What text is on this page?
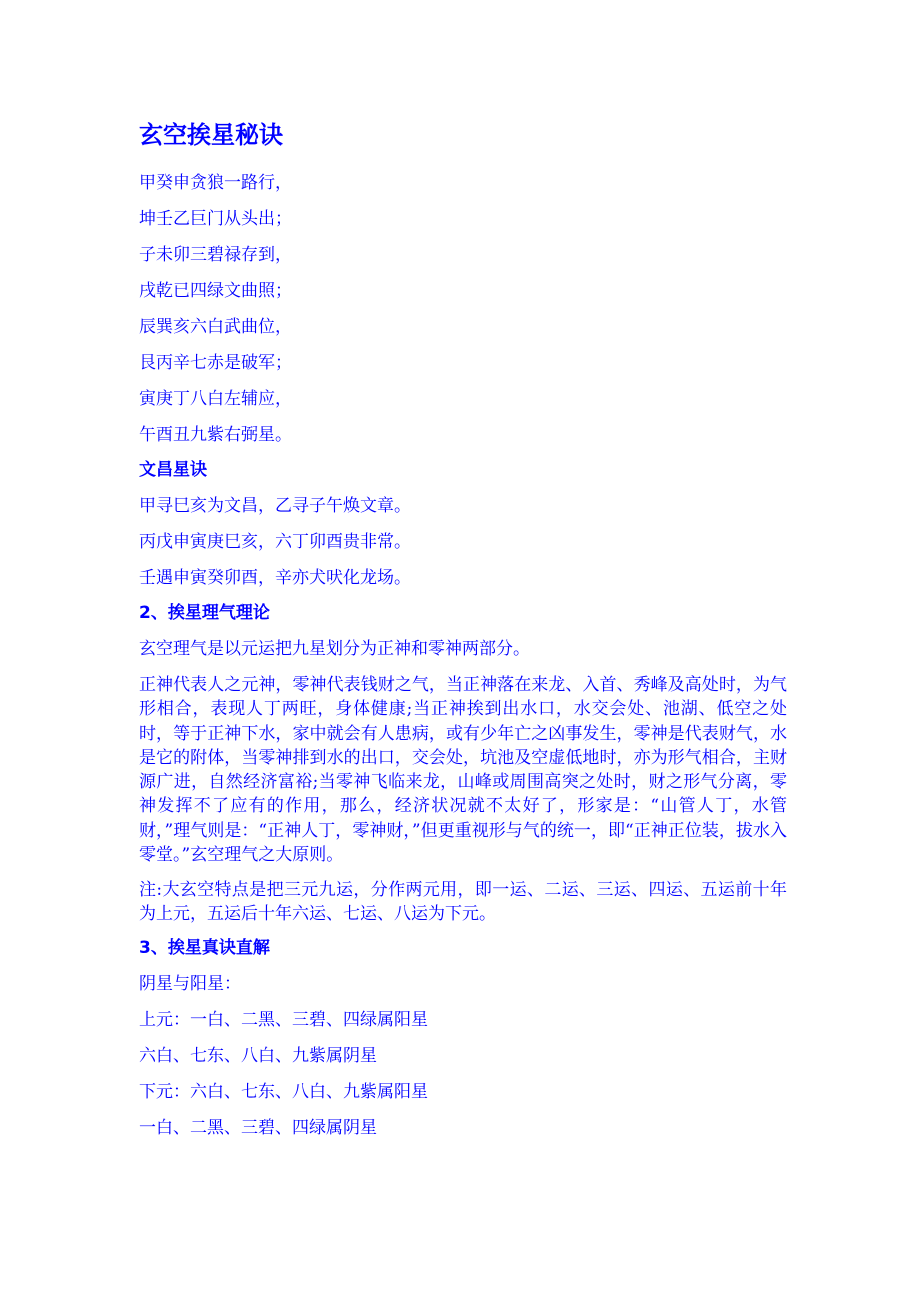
玄空挨星秘诀
甲癸申贪狼一路行，
坤壬乙巨门从头出；
子未卯三碧禄存到，
戌乾已四绿文曲照；
辰巽亥六白武曲位，
艮丙辛七赤是破军；
寅庚丁八白左辅应，
午酉丑九紫右弼星。
文昌星诀
甲寻巳亥为文昌，乙寻子午焕文章。
丙戊申寅庚巳亥，六丁卯酉贵非常。
壬遇申寅癸卯酉，辛亦犬吠化龙场。
2、挨星理气理论
玄空理气是以元运把九星划分为正神和零神两部分。
正神代表人之元神，零神代表钱财之气，当正神落在来龙、入首、秀峰及高处时，为气形相合，表现人丁两旺，身体健康;当正神挨到出水口，水交会处、池湖、低空之处时，等于正神下水，家中就会有人患病，或有少年亡之凶事发生，零神是代表财气，水是它的附体，当零神排到水的出口，交会处，坑池及空虚低地时，亦为形气相合，主财源广进，自然经济富裕;当零神飞临来龙，山峰或周围高突之处时，财之形气分离，零神发挥不了应有的作用，那么，经济状况就不太好了，形家是：“山管人丁，水管财，”理气则是：“正神人丁，零神财，”但更重视形与气的统一，即“正神正位装，拔水入零堂。”玄空理气之大原则。
注:大玄空特点是把三元九运，分作两元用，即一运、二运、三运、四运、五运前十年为上元，五运后十年六运、七运、八运为下元。
3、挨星真诀直解
阴星与阳星：
上元：一白、二黑、三碧、四绿属阳星
六白、七东、八白、九紫属阴星
下元：六白、七东、八白、九紫属阳星
一白、二黑、三碧、四绿属阴星
